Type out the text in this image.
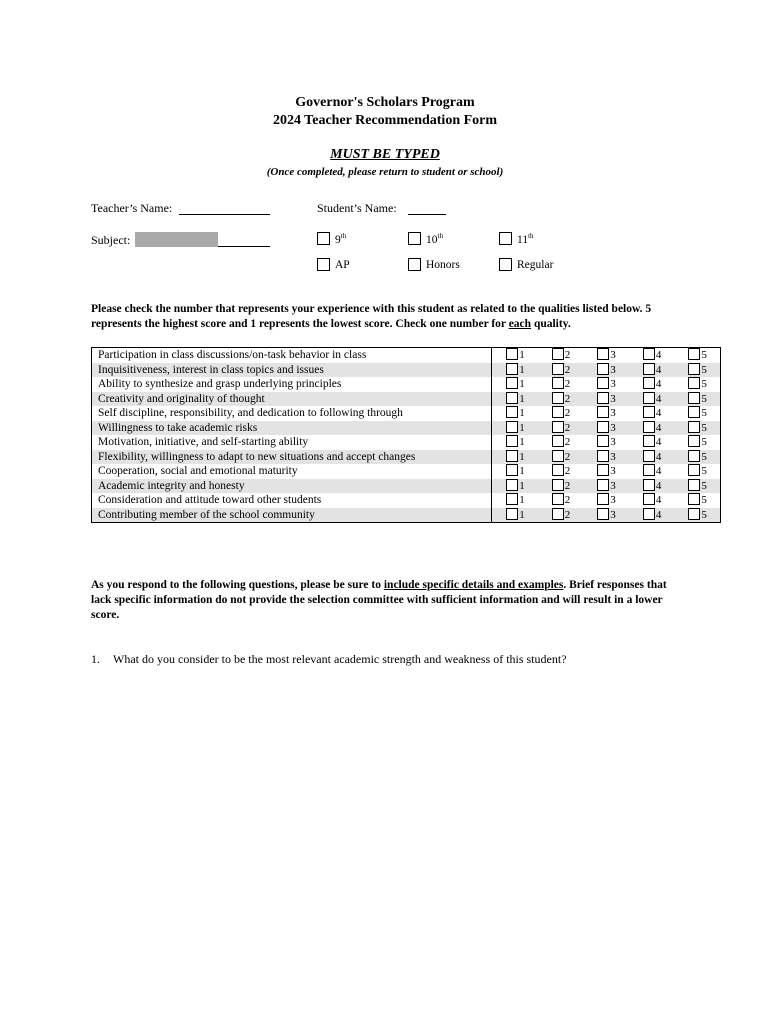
Governor's Scholars Program
2024 Teacher Recommendation Form
MUST BE TYPED
(Once completed, please return to student or school)
Teacher’s Name:	Student’s Name:
Subject:	9th	10th	11th
AP	Honors	Regular
Please check the number that represents your experience with this student as related to the qualities listed below. 5 represents the highest score and 1 represents the lowest score. Check one number for each quality.
Participation in class discussions/on-task behavior in class	1	2	3	4	5
Inquisitiveness, interest in class topics and issues	1	2	3	4	5
Ability to synthesize and grasp underlying principles	1	2	3	4	5
Creativity and originality of thought	1	2	3	4	5
Self discipline, responsibility, and dedication to following through	1	2	3	4	5
Willingness to take academic risks	1	2	3	4	5
Motivation, initiative, and self-starting ability	1	2	3	4	5
Flexibility, willingness to adapt to new situations and accept changes	1	2	3	4	5
Cooperation, social and emotional maturity	1	2	3	4	5
Academic integrity and honesty	1	2	3	4	5
Consideration and attitude toward other students	1	2	3	4	5
Contributing member of the school community	1	2	3	4	5
As you respond to the following questions, please be sure to include specific details and examples. Brief responses that lack specific information do not provide the selection committee with sufficient information and will result in a lower score.
1. What do you consider to be the most relevant academic strength and weakness of this student?
